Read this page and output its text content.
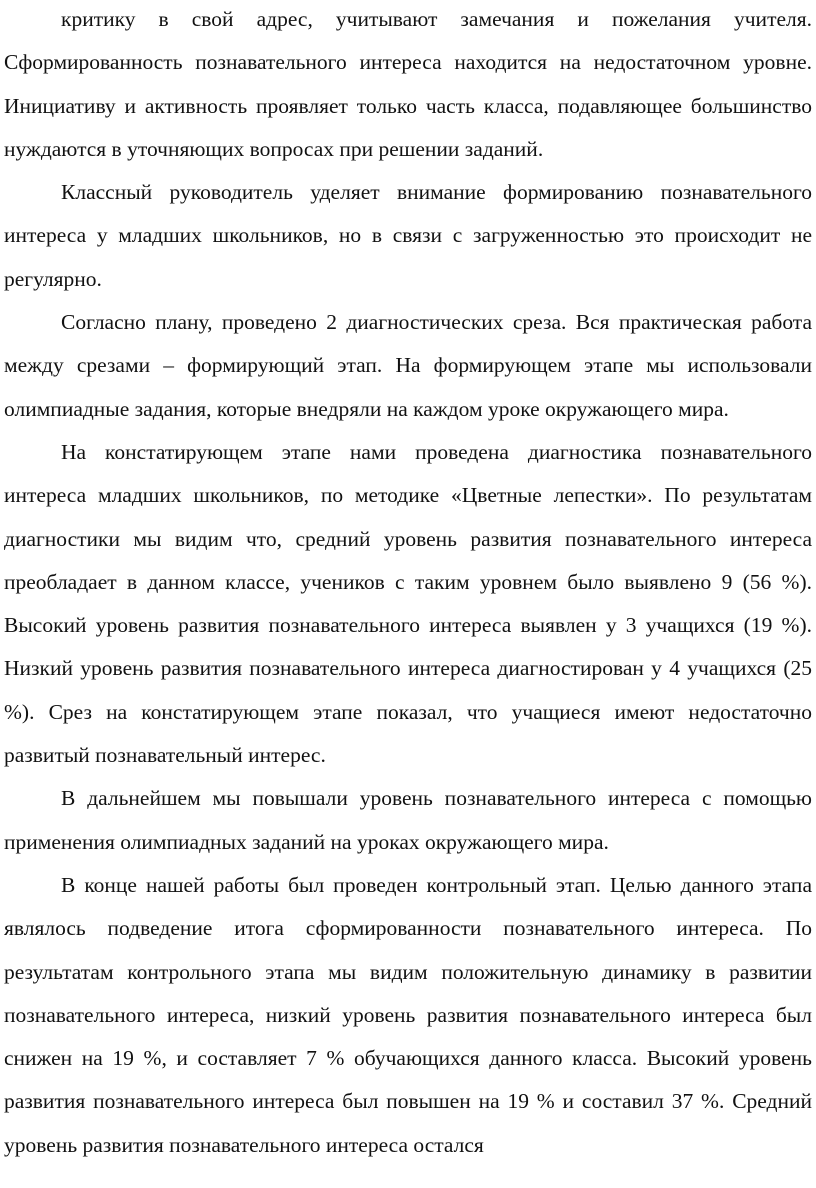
критику в свой адрес, учитывают замечания и пожелания учителя. Сформированность познавательного интереса находится на недостаточном уровне. Инициативу и активность проявляет только часть класса, подавляющее большинство нуждаются в уточняющих вопросах при решении заданий.

Классный руководитель уделяет внимание формированию познавательного интереса у младших школьников, но в связи с загруженностью это происходит не регулярно.

Согласно плану, проведено 2 диагностических среза. Вся практическая работа между срезами – формирующий этап. На формирующем этапе мы использовали олимпиадные задания, которые внедряли на каждом уроке окружающего мира.

На констатирующем этапе нами проведена диагностика познавательного интереса младших школьников, по методике «Цветные лепестки». По результатам диагностики мы видим что, средний уровень развития познавательного интереса преобладает в данном классе, учеников с таким уровнем было выявлено 9 (56 %). Высокий уровень развития познавательного интереса выявлен у 3 учащихся (19 %). Низкий уровень развития познавательного интереса диагностирован у 4 учащихся (25 %). Срез на констатирующем этапе показал, что учащиеся имеют недостаточно развитый познавательный интерес.

В дальнейшем мы повышали уровень познавательного интереса с помощью применения олимпиадных заданий на уроках окружающего мира.

В конце нашей работы был проведен контрольный этап. Целью данного этапа являлось подведение итога сформированности познавательного интереса. По результатам контрольного этапа мы видим положительную динамику в развитии познавательного интереса, низкий уровень развития познавательного интереса был снижен на 19 %, и составляет 7 % обучающихся данного класса. Высокий уровень развития познавательного интереса был повышен на 19 % и составил 37 %. Средний уровень развития познавательного интереса остался
